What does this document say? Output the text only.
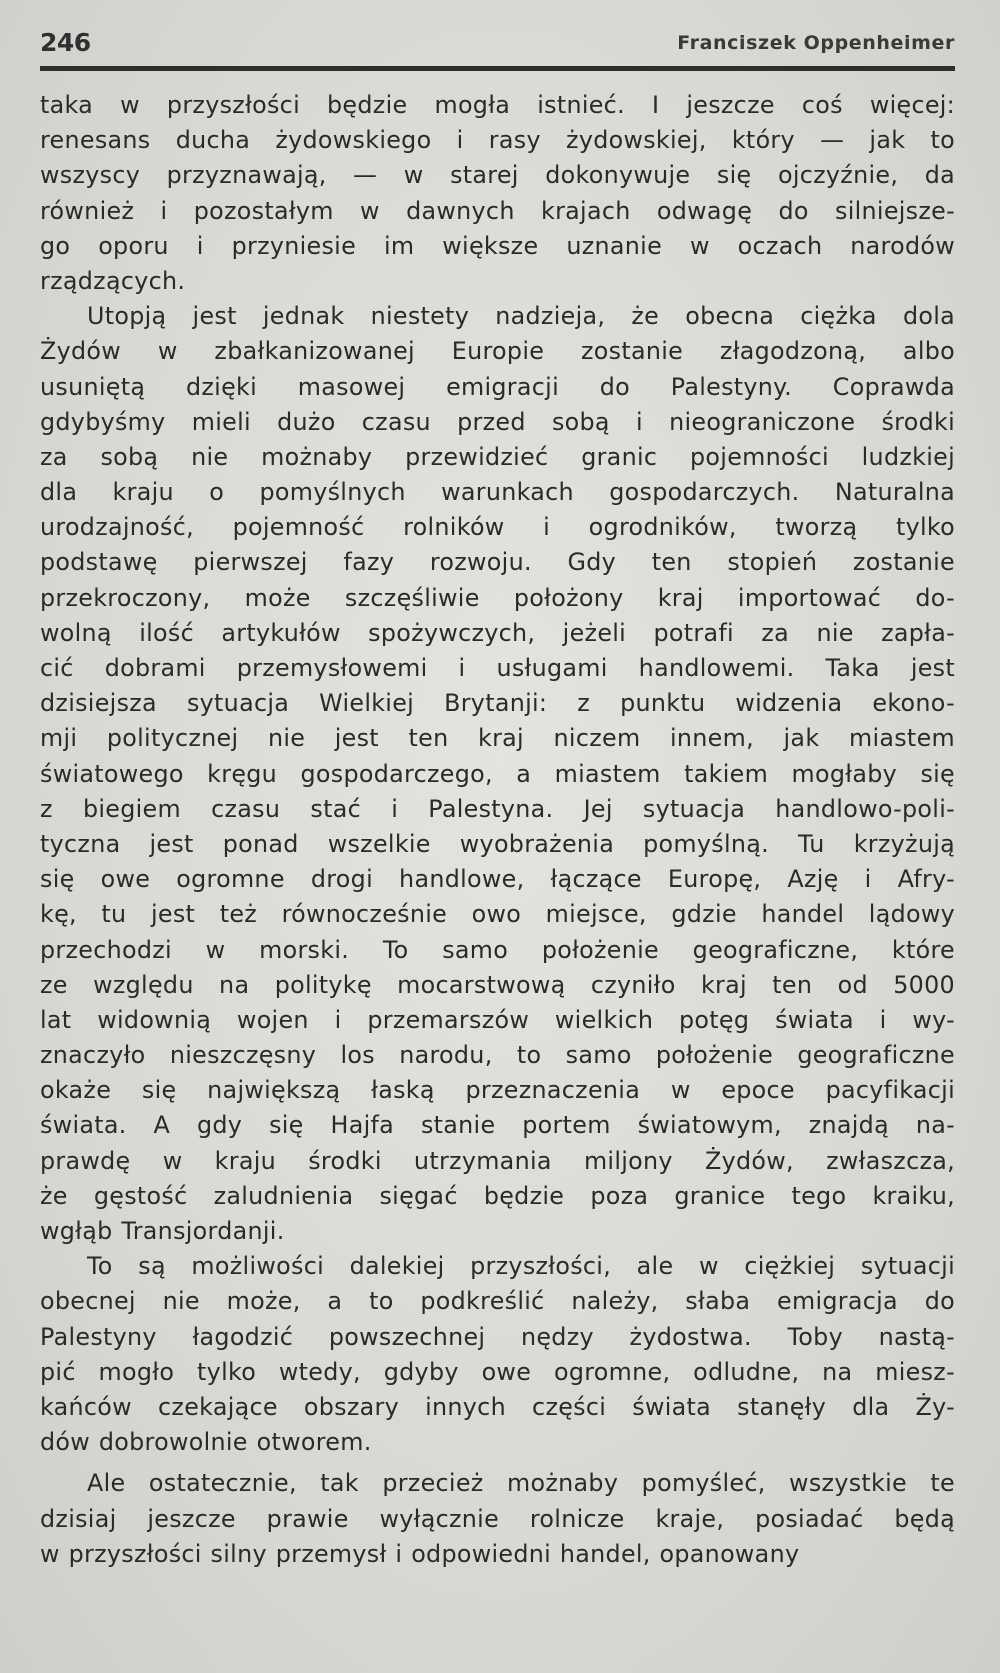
246	Franciszek Oppenheimer
taka w przyszłości będzie mogła istnieć. I jeszcze coś więcej:
renesans ducha żydowskiego i rasy żydowskiej, który — jak to
wszyscy przyznawają, — w starej dokonywuje się ojczyźnie, da
również i pozostałym w dawnych krajach odwagę do silniejsze-
go oporu i przyniesie im większe uznanie w oczach narodów
rządzących.
Utopją jest jednak niestety nadzieja, że obecna ciężka dola
Żydów w zbałkanizowanej Europie zostanie złagodzoną, albo
usuniętą dzięki masowej emigracji do Palestyny. Coprawda
gdybyśmy mieli dużo czasu przed sobą i nieograniczone środki
za sobą nie możnaby przewidzieć granic pojemności ludzkiej
dla kraju o pomyślnych warunkach gospodarczych. Naturalna
urodzajność, pojemność rolników i ogrodników, tworzą tylko
podstawę pierwszej fazy rozwoju. Gdy ten stopień zostanie
przekroczony, może szczęśliwie położony kraj importować do-
wolną ilość artykułów spożywczych, jeżeli potrafi za nie zapła-
cić dobrami przemysłowemi i usługami handlowemi. Taka jest
dzisiejsza sytuacja Wielkiej Brytanji: z punktu widzenia ekono-
mji politycznej nie jest ten kraj niczem innem, jak miastem
światowego kręgu gospodarczego, a miastem takiem mogłaby się
z biegiem czasu stać i Palestyna. Jej sytuacja handlowo-poli-
tyczna jest ponad wszelkie wyobrażenia pomyślną. Tu krzyżują
się owe ogromne drogi handlowe, łączące Europę, Azję i Afry-
kę, tu jest też równocześnie owo miejsce, gdzie handel lądowy
przechodzi w morski. To samo położenie geograficzne, które
ze względu na politykę mocarstwową czyniło kraj ten od 5000
lat widownią wojen i przemarszów wielkich potęg świata i wy-
znaczyło nieszczęsny los narodu, to samo położenie geograficzne
okaże się największą łaską przeznaczenia w epoce pacyfikacji
świata. A gdy się Hajfa stanie portem światowym, znajdą na-
prawdę w kraju środki utrzymania miljony Żydów, zwłaszcza,
że gęstość zaludnienia sięgać będzie poza granice tego kraiku,
wgłąb Transjordanji.
To są możliwości dalekiej przyszłości, ale w ciężkiej sytuacji
obecnej nie może, a to podkreślić należy, słaba emigracja do
Palestyny łagodzić powszechnej nędzy żydostwa. Toby nastą-
pić mogło tylko wtedy, gdyby owe ogromne, odludne, na miesz-
kańców czekające obszary innych części świata stanęły dla Ży-
dów dobrowolnie otworem.
Ale ostatecznie, tak przecież możnaby pomyśleć, wszystkie te
dzisiaj jeszcze prawie wyłącznie rolnicze kraje, posiadać będą
w przyszłości silny przemysł i odpowiedni handel, opanowany
